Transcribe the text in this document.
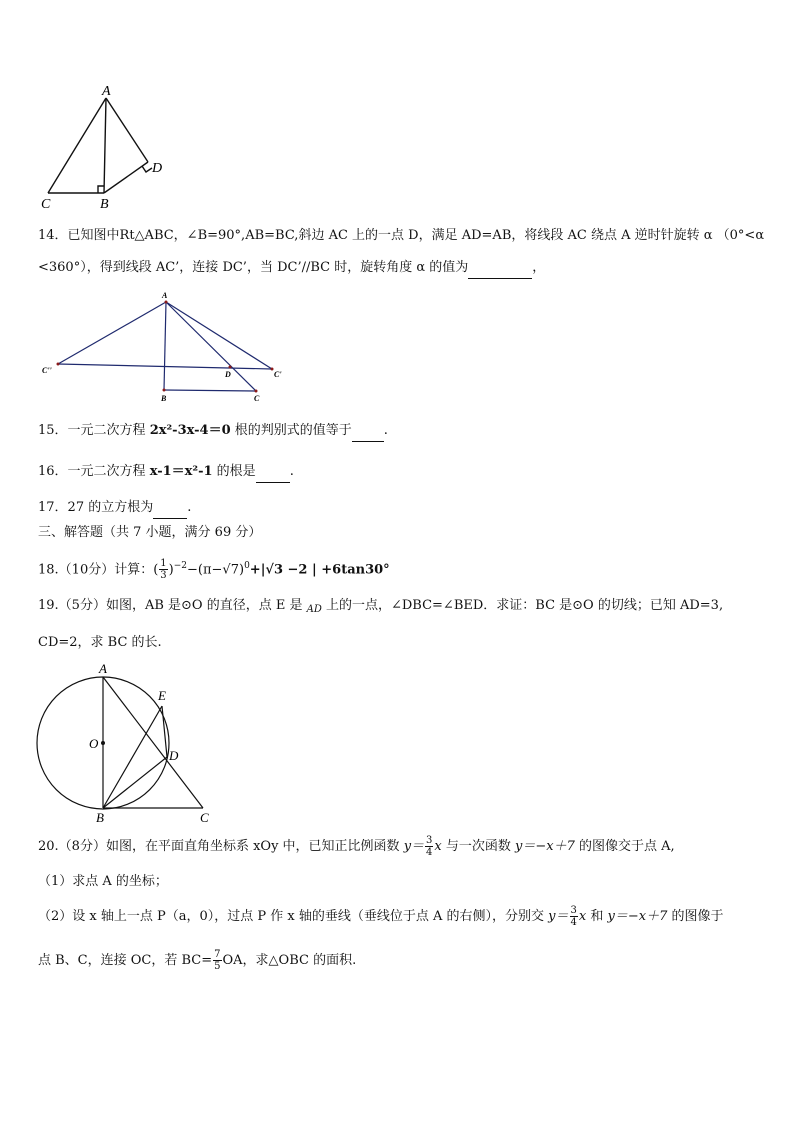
A
B
C
D
14．已知图中Rt△ABC，∠B=90°,AB=BC,斜边 AC 上的一点 D，满足 AD=AB，将线段 AC 绕点 A 逆时针旋转 α （0°<α
<360°），得到线段 AC’，连接 DC’，当 DC’//BC 时，旋转角度 α 的值为	，
A
C''	C'
D
B	C
15．一元二次方程 2x²-3x-4＝0 根的判别式的值等于 .
16．一元二次方程 x-1＝x²-1 的根是	.
17．27 的立方根为	.
三、解答题（共 7 小题，满分 69 分）
18.（10分）计算：( $\frac{1}{3} )^{-2}-(\pi-√7)^0+|√3 -2$ | +6tan30°
19.（5分）如图，AB 是⊙O 的直径，点 E 是 $_{AD}$ 上的一点，∠DBC=∠BED．求证：BC 是⊙O 的切线；已知 AD=3,
CD=2，求 BC 的长.
A
E
O
D
B	C
20.（8分）如图，在平面直角坐标系 xOy 中，已知正比例函数 $y= \frac{3}{4}$ x 与一次函数 y＝−x＋7 的图像交于点 A,
（1）求点 A 的坐标；
（2）设 x 轴上一点 P（a，0），过点 P 作 x 轴的垂线（垂线位于点 A 的右侧），分别交 $y= \frac{3}{4}$ x 和 y＝−x＋7 的图像于
点 B、C，连接 OC，若 $BC= \frac{7}{5}$ OA，求△OBC 的面积.
